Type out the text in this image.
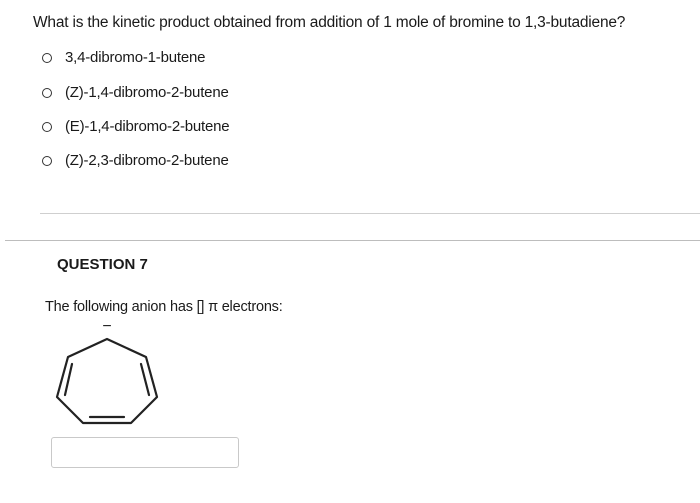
What is the kinetic product obtained from addition of 1 mole of bromine to 1,3-butadiene?
3,4-dibromo-1-butene
(Z)-1,4-dibromo-2-butene
(E)-1,4-dibromo-2-butene
(Z)-2,3-dibromo-2-butene
QUESTION 7
The following anion has [] π electrons:
−
